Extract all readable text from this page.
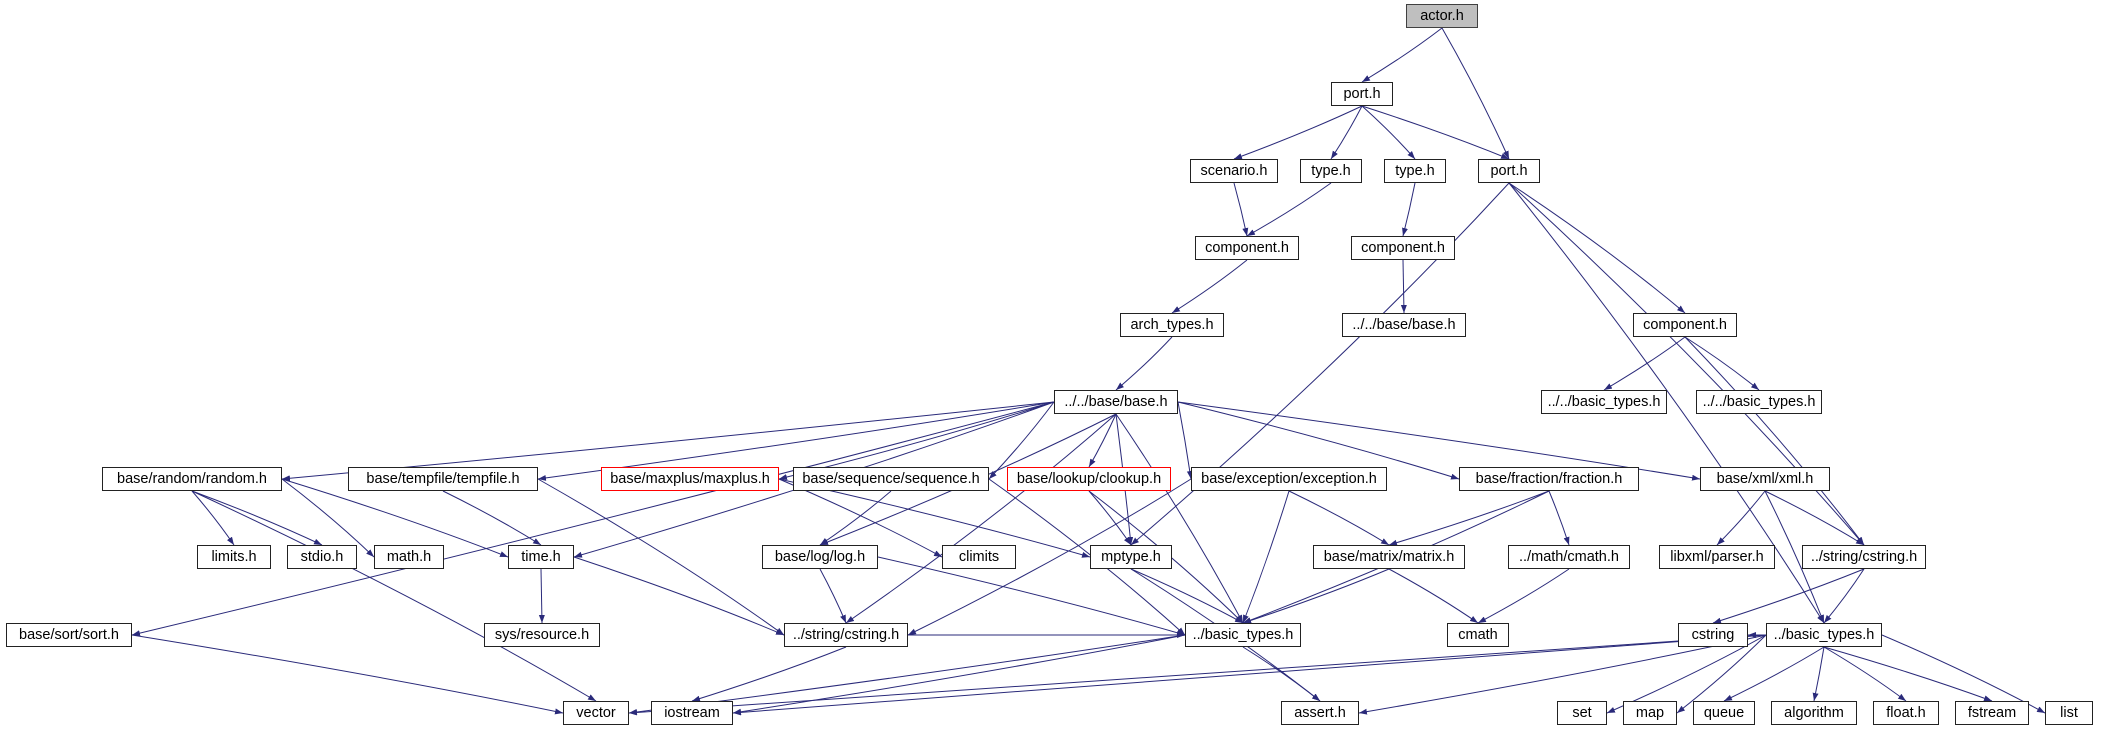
actor.h
port.h
scenario.h	type.h	type.h	port.h
component.h	component.h
arch_types.h	../../base/base.h	component.h
../../base/base.h	../../basic_types.h	../../basic_types.h
base/random/random.h	base/tempfile/tempfile.h	base/maxplus/maxplus.h	base/sequence/sequence.h	base/lookup/clookup.h	base/exception/exception.h	base/fraction/fraction.h	base/xml/xml.h
limits.h	stdio.h	math.h	time.h	base/log/log.h	climits	mptype.h	base/matrix/matrix.h	../math/cmath.h	libxml/parser.h	../string/cstring.h
base/sort/sort.h	sys/resource.h	../string/cstring.h	../basic_types.h	cmath	cstring	../basic_types.h
vector	iostream	assert.h	set	map	queue	algorithm	float.h	fstream	list
